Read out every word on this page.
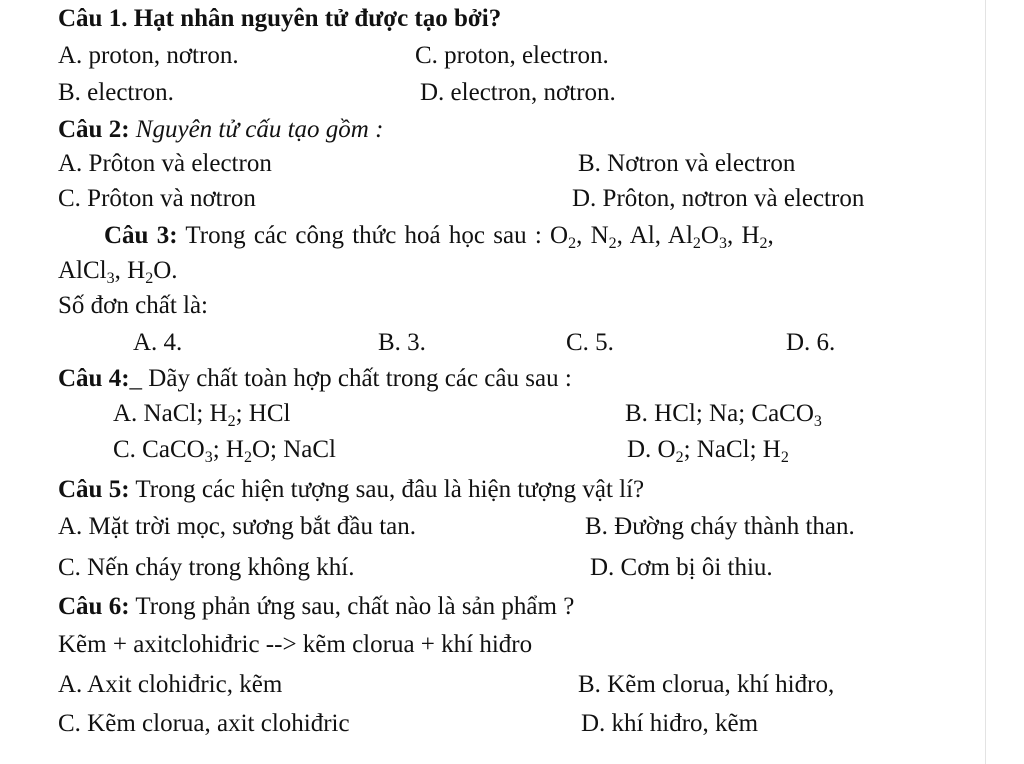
Câu 1. Hạt nhân nguyên tử được tạo bởi?
A. proton, nơtron.	C. proton, electron.
B. electron.	D. electron, nơtron.
Câu 2: Nguyên tử cấu tạo gồm :
A. Prôton và electron	B. Nơtron và electron
C. Prôton và nơtron	D. Prôton, nơtron và electron
Câu 3: Trong các công thức hoá học sau : $O_2$, $N_2$, Al, $Al_2O_3$, $H_2$,
AlCl$_3$, $H_2O$.
Số đơn chất là:
A. 4.	B. 3.	C. 5.	D. 6.
Câu 4:_ Dãy chất toàn hợp chất trong các câu sau :
A. NaCl; $H_2$; HCl	B. HCl; Na; CaCO$_3$
C. CaCO$_3$; $H_2O$; NaCl	D. $O_2$; NaCl; $H_2$
Câu 5: Trong các hiện tượng sau, đâu là hiện tượng vật lí?
A. Mặt trời mọc, sương bắt đầu tan.	B. Đường cháy thành than.
C. Nến cháy trong không khí.	D. Cơm bị ôi thiu.
Câu 6: Trong phản ứng sau, chất nào là sản phẩm ?
Kẽm + axitclohiđric --> kẽm clorua + khí hiđro
A. Axit clohiđric, kẽm	B. Kẽm clorua, khí hiđro,
C. Kẽm clorua, axit clohiđric	D. khí hiđro, kẽm
